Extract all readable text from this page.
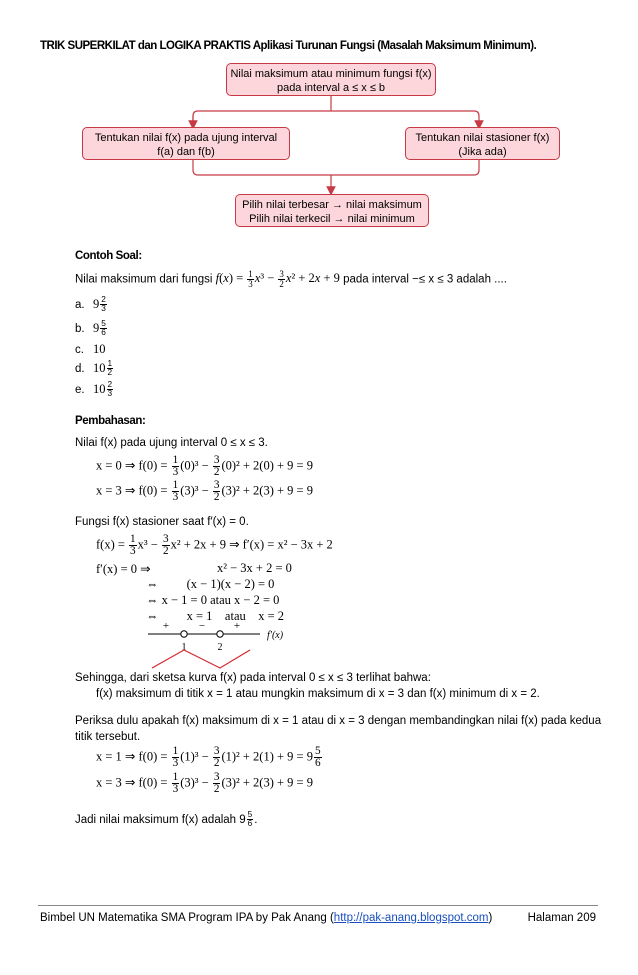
TRIK SUPERKILAT dan LOGIKA PRAKTIS Aplikasi Turunan Fungsi (Masalah Maksimum Minimum).
Nilai maksimum atau minimum fungsi f(x)
pada interval a ≤ x ≤ b
Tentukan nilai f(x) pada ujung interval
f(a) dan f(b)
Tentukan nilai stasioner f(x)
(Jika ada)
Pilih nilai terbesar → nilai maksimum
Pilih nilai terkecil → nilai minimum
Contoh Soal:
Nilai maksimum dari fungsi $f(x) = \frac{1}{3} x^3 - \frac{3}{2} x^2 + 2x + 9$ pada interval −≤ x ≤ 3 adalah ....
a. $9 \frac{2}{3}$
b. $9 \frac{5}{6}$
c. 10
d. $10 \frac{1}{2}$
e. $10 \frac{2}{3}$
Pembahasan:
Nilai f(x) pada ujung interval 0 ≤ x ≤ 3.
x = 0 ⇒ $f(0) = \frac{1}{3} (0)^3 - \frac{3}{2} (0)^2 + 2(0) + 9 = 9$
x = 3 ⇒ $f(0) = \frac{1}{3} (3)^3 - \frac{3}{2} (3)^2 + 2(3) + 9 = 9$
Fungsi f(x) stasioner saat f′(x) = 0.
$f(x) = \frac{1}{3} x^3 - \frac{3}{2} x^2 + 2x + 9$ ⇒ f′(x) = x² − 3x + 2
f′(x) = 0 ⇒	x² − 3x + 2 = 0
⇔         (x − 1)(x − 2) = 0
⇔ x − 1 = 0 atau x − 2 = 0
⇔         x = 1    atau    x = 2
+	−	+
f′(x)
1	2
Sehingga, dari sketsa kurva f(x) pada interval 0 ≤ x ≤ 3 terlihat bahwa:
f(x) maksimum di titik x = 1 atau mungkin maksimum di x = 3 dan f(x) minimum di x = 2.
Periksa dulu apakah f(x) maksimum di x = 1 atau di x = 3 dengan membandingkan nilai f(x) pada kedua
titik tersebut.
x = 1 ⇒ $f(0) = \frac{1}{3} (1)^3 - \frac{3}{2} (1)^2 + 2(1) + 9 = 9 \frac{5}{6}$
x = 3 ⇒ $f(0) = \frac{1}{3} (3)^3 - \frac{3}{2} (3)^2 + 2(3) + 9 = 9$
Jadi nilai maksimum f(x) adalah $9 \frac{5}{6}$ .
Bimbel UN Matematika SMA Program IPA by Pak Anang (http://pak-anang.blogspot.com)	Halaman 209
